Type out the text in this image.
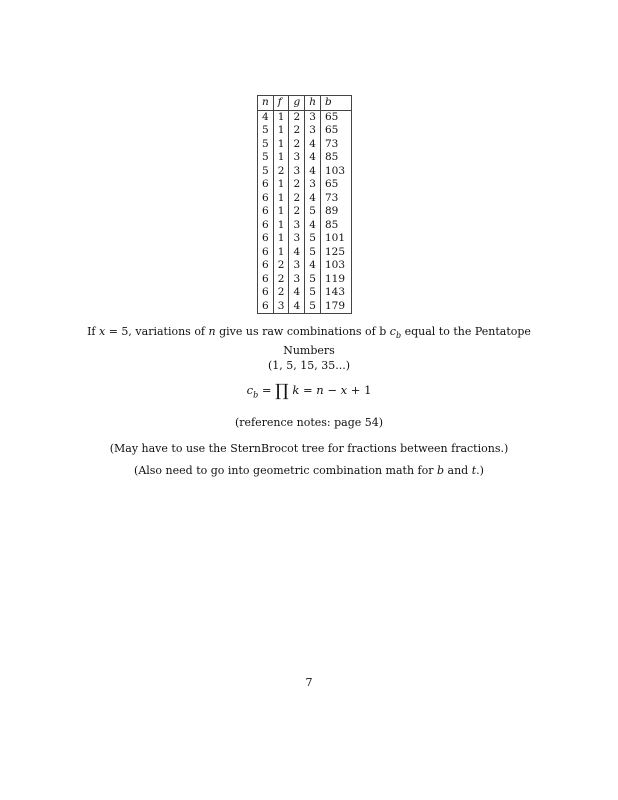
n	f	g	h	b
4	1	2	3	65
5	1	2	3	65
5	1	2	4	73
5	1	3	4	85
5	2	3	4	103
6	1	2	3	65
6	1	2	4	73
6	1	2	5	89
6	1	3	4	85
6	1	3	5	101
6	1	4	5	125
6	2	3	4	103
6	2	3	5	119
6	2	4	5	143
6	3	4	5	179
If x = 5, variations of n give us raw combinations of b $c_b$ equal to the Pentatope Numbers
(1, 5, 15, 35...)
$c_b$ = ∏ k = n − x + 1
(reference notes: page 54)
(May have to use the SternBrocot tree for fractions between fractions.)
(Also need to go into geometric combination math for b and t.)
7
